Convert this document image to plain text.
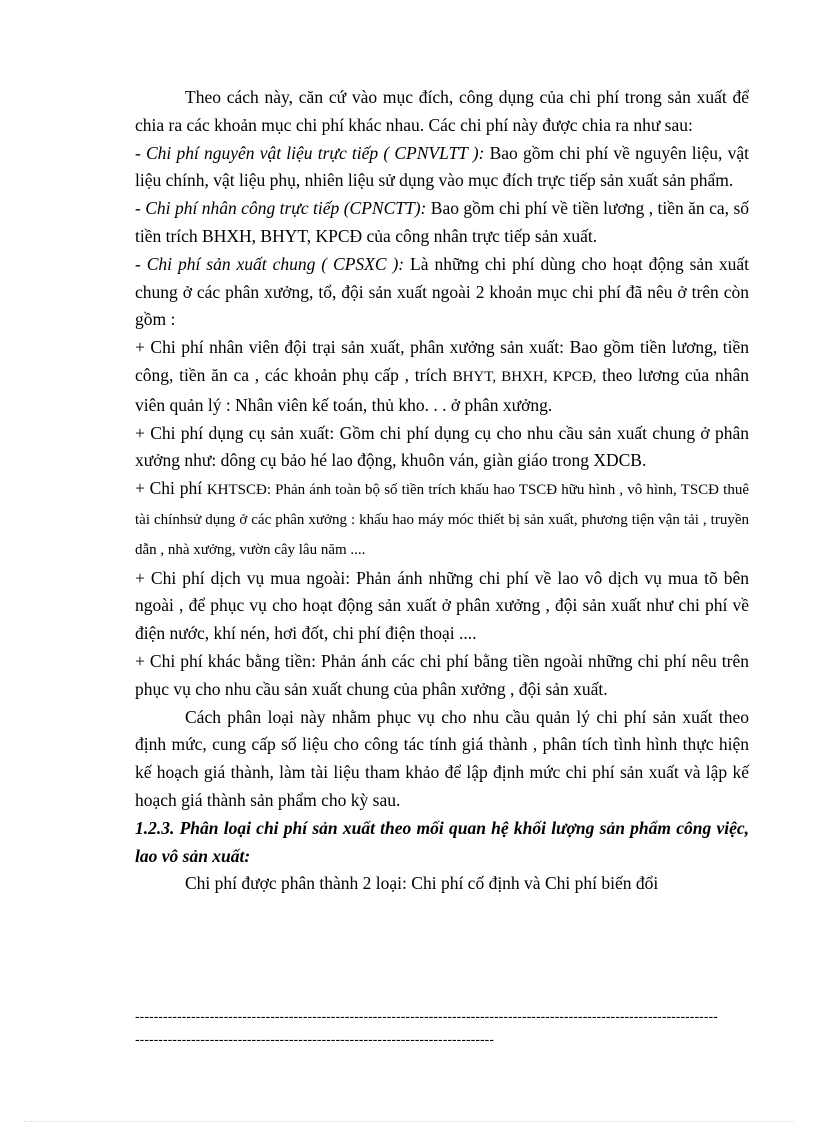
Theo cách này, căn cứ vào mục đích, công dụng của chi phí trong sản xuất để chia ra các khoản mục chi phí khác nhau. Các chi phí này được chia ra như sau:

- Chi phí nguyên vật liệu trực tiếp ( CPNVLTT ): Bao gồm chi phí về nguyên liệu, vật liệu chính, vật liệu phụ, nhiên liệu sử dụng vào mục đích trực tiếp sản xuất sản phẩm.

- Chi phí nhân công trực tiếp (CPNCTT): Bao gồm chi phí về tiền lương , tiền ăn ca, số tiền trích BHXH, BHYT, KPCĐ của công nhân trực tiếp sản xuất.

- Chi phí sản xuất chung ( CPSXC ): Là những chi phí dùng cho hoạt động sản xuất chung ở các phân xưởng, tổ, đội sản xuất ngoài 2 khoản mục chi phí đã nêu ở trên còn gồm :

+ Chi phí nhân viên đội trại sản xuất, phân xưởng sản xuất: Bao gồm tiền lương, tiền công, tiền ăn ca , các khoản phụ cấp , trích BHYT, BHXH, KPCĐ, theo lương của nhân viên quản lý : Nhân viên kế toán, thủ kho. . . ở phân xưởng.

+ Chi phí dụng cụ sản xuất: Gồm chi phí dụng cụ cho nhu cầu sản xuất chung ở phân xưởng như: dông cụ bảo hé lao động, khuôn ván, giàn giáo trong XDCB.

+ Chi phí KHTSCĐ: Phản ánh toàn bộ số tiền trích khấu hao TSCĐ hữu hình , vô hình, TSCĐ thuê tài chínhsử dụng ở các phân xưởng : khấu hao máy móc thiết bị sản xuất, phương tiện vận tải , truyền dẫn , nhà xưởng, vườn cây lâu năm ....

+ Chi phí dịch vụ mua ngoài: Phản ánh những chi phí về lao vô dịch vụ mua tõ bên ngoài , để phục vụ cho hoạt động sản xuất ở phân xưởng , đội sản xuất như chi phí về điện nước, khí nén, hơi đốt, chi phí điện thoại ....

+ Chi phí khác bằng tiền: Phản ánh các chi phí bằng tiền ngoài những chi phí nêu trên phục vụ cho nhu cầu sản xuất chung của phân xưởng , đội sản xuất.

Cách phân loại này nhằm phục vụ cho nhu cầu quản lý chi phí sản xuất theo định mức, cung cấp số liệu cho công tác tính giá thành , phân tích tình hình thực hiện kế hoạch giá thành, làm tài liệu tham khảo để lập định mức chi phí sản xuất và lập kế hoạch giá thành sản phẩm cho kỳ sau.

1.2.3. Phân loại chi phí sản xuất theo mối quan hệ khối lượng sản phẩm công việc, lao vô sản xuất:

Chi phí được phân thành 2 loại: Chi phí cố định và Chi phí biến đổi

-----------------------------------------------------------------------------------------------------------------------------
-----------------------------------------------------------------------------
